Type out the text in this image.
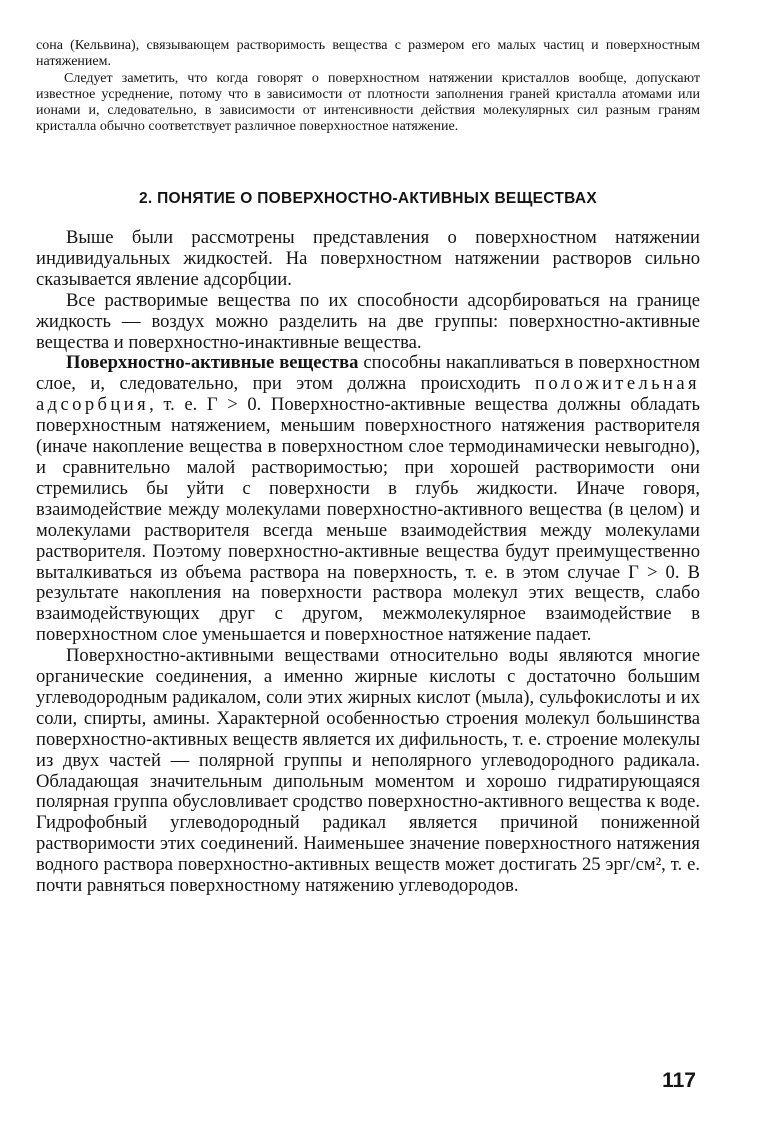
сона (Кельвина), связывающем растворимость вещества с размером его малых частиц и поверхностным натяжением.

Следует заметить, что когда говорят о поверхностном натяжении кристаллов вообще, допускают известное усреднение, потому что в зависимости от плотности заполнения граней кристалла атомами или ионами и, следовательно, в зависимости от интенсивности действия молекулярных сил разным граням кристалла обычно соответствует различное поверхностное натяжение.

2. ПОНЯТИЕ О ПОВЕРХНОСТНО-АКТИВНЫХ ВЕЩЕСТВАХ

Выше были рассмотрены представления о поверхностном натяжении индивидуальных жидкостей. На поверхностном натяжении растворов сильно сказывается явление адсорбции.

Все растворимые вещества по их способности адсорбироваться на границе жидкость — воздух можно разделить на две группы: поверхностно-активные вещества и поверхностно-инактивные вещества.

Поверхностно-активные вещества способны накапливаться в поверхностном слое, и, следовательно, при этом должна происходить положительная адсорбция, т. е. Г > 0. Поверхностно-активные вещества должны обладать поверхностным натяжением, меньшим поверхностного натяжения растворителя (иначе накопление вещества в поверхностном слое термодинамически невыгодно), и сравнительно малой растворимостью; при хорошей растворимости они стремились бы уйти с поверхности в глубь жидкости. Иначе говоря, взаимодействие между молекулами поверхностно-активного вещества (в целом) и молекулами растворителя всегда меньше взаимодействия между молекулами растворителя. Поэтому поверхностно-активные вещества будут преимущественно выталкиваться из объема раствора на поверхность, т. е. в этом случае Г > 0. В результате накопления на поверхности раствора молекул этих веществ, слабо взаимодействующих друг с другом, межмолекулярное взаимодействие в поверхностном слое уменьшается и поверхностное натяжение падает.

Поверхностно-активными веществами относительно воды являются многие органические соединения, а именно жирные кислоты с достаточно большим углеводородным радикалом, соли этих жирных кислот (мыла), сульфокислоты и их соли, спирты, амины. Характерной особенностью строения молекул большинства поверхностно-активных веществ является их дифильность, т. е. строение молекулы из двух частей — полярной группы и неполярного углеводородного радикала. Обладающая значительным дипольным моментом и хорошо гидратирующаяся полярная группа обусловливает сродство поверхностно-активного вещества к воде. Гидрофобный углеводородный радикал является причиной пониженной растворимости этих соединений. Наименьшее значение поверхностного натяжения водного раствора поверхностно-активных веществ может достигать 25 эрг/см², т. е. почти равняться поверхностному натяжению углеводородов.

117
